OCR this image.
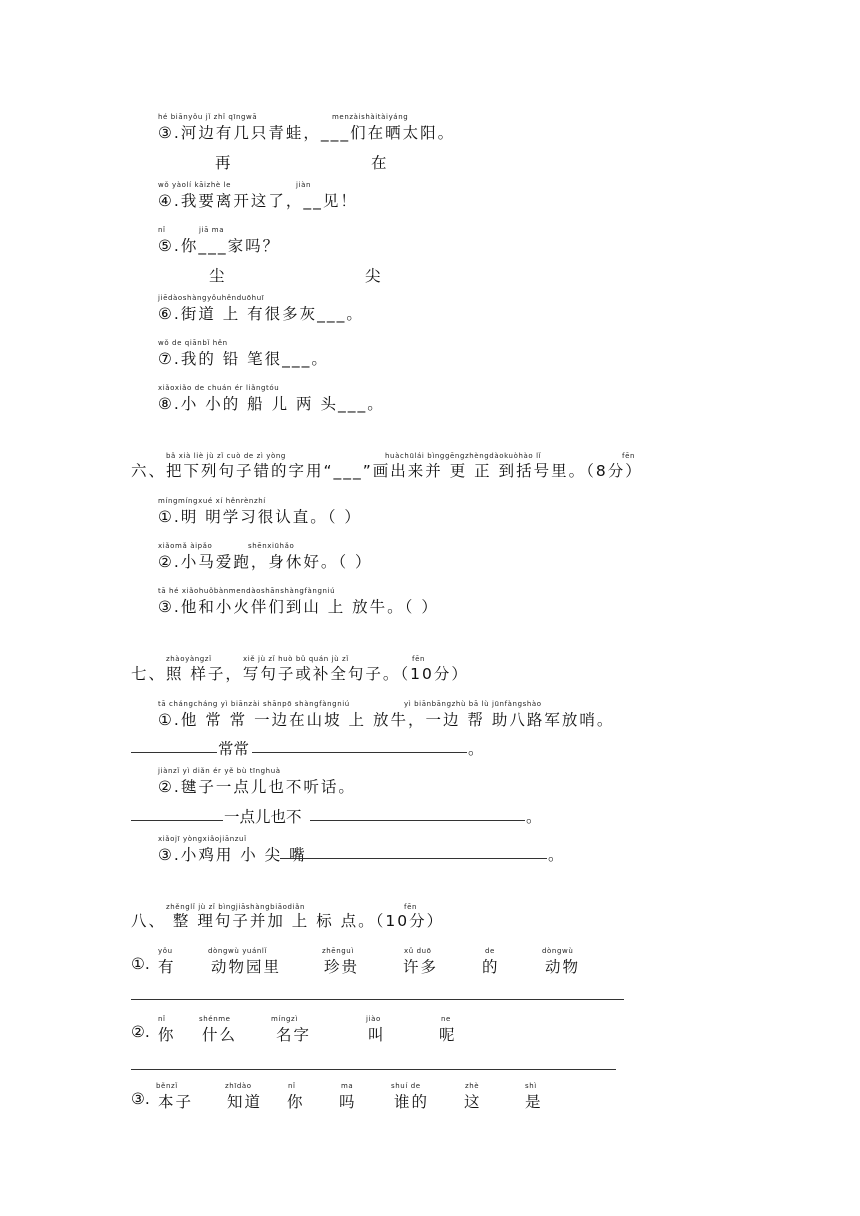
hé biānyǒu jǐ zhǐ qīngwā	menzàishàitàiyáng
③.河边有几只青蛙，___们在晒太阳。
再	在
wǒ yàolí kāizhè le	jiàn
④.我要离开这了，__见！
nǐ	jiā ma
⑤.你___家吗？
尘	尖
jiēdàoshàngyǒuhěnduōhuī
⑥.街道 上 有很多灰___。
wǒ de qiānbǐ hěn
⑦.我的 铅 笔很___。
xiǎoxiǎo de chuán ér liǎngtóu
⑧.小 小的 船 儿 两 头___。
bǎ xià liè jù zǐ cuò de zì yòng	huàchūlái bìnggēngzhèngdàokuòhào lǐ	fēn
六、把下列句子错的字用“___”画出来并 更 正 到括号里。（8分）
míngmíngxué xí hěnrènzhí
①.明 明学习很认直。（ ）
xiǎomǎ àipǎo	shēnxiūhǎo
②.小马爱跑，身休好。（ ）
tā hé xiǎohuǒbànmendàoshānshàngfàngniú
③.他和小火伴们到山 上 放牛。（ ）
zhàoyàngzǐ	xiě jù zǐ huò bǔ quán jù zǐ	fēn
七、照 样子，写句子或补全句子。（10分）
tā chángcháng yì biānzài shānpō shàngfàngniú	yì biānbāngzhù bā lù jūnfàngshào
①.他 常 常 一边在山坡 上 放牛，一边 帮 助八路军放哨。
常常	。
jiànzǐ yì diǎn ér yě bù tīnghuà
②.毽子一点儿也不听话。
一点儿也不	。
xiǎojī yòngxiǎojiānzuǐ
③.小鸡用 小 尖 嘴	。
zhěnglǐ jù zǐ bìngjiāshàngbiāodiǎn	fēn
八、 整 理句子并加 上 标 点。（10分）
①.
yǒu
有
dòngwù yuánlǐ
动物园里
zhēnguì
珍贵
xǔ duō
许多
de
的
dòngwù
动物
②.
nǐ
你
shénme
什么
míngzì
名字
jiào
叫
ne
呢
③.
běnzǐ
本子
zhīdào
知道
nǐ
你
ma
吗
shuí de
谁的
zhè
这
shì
是
